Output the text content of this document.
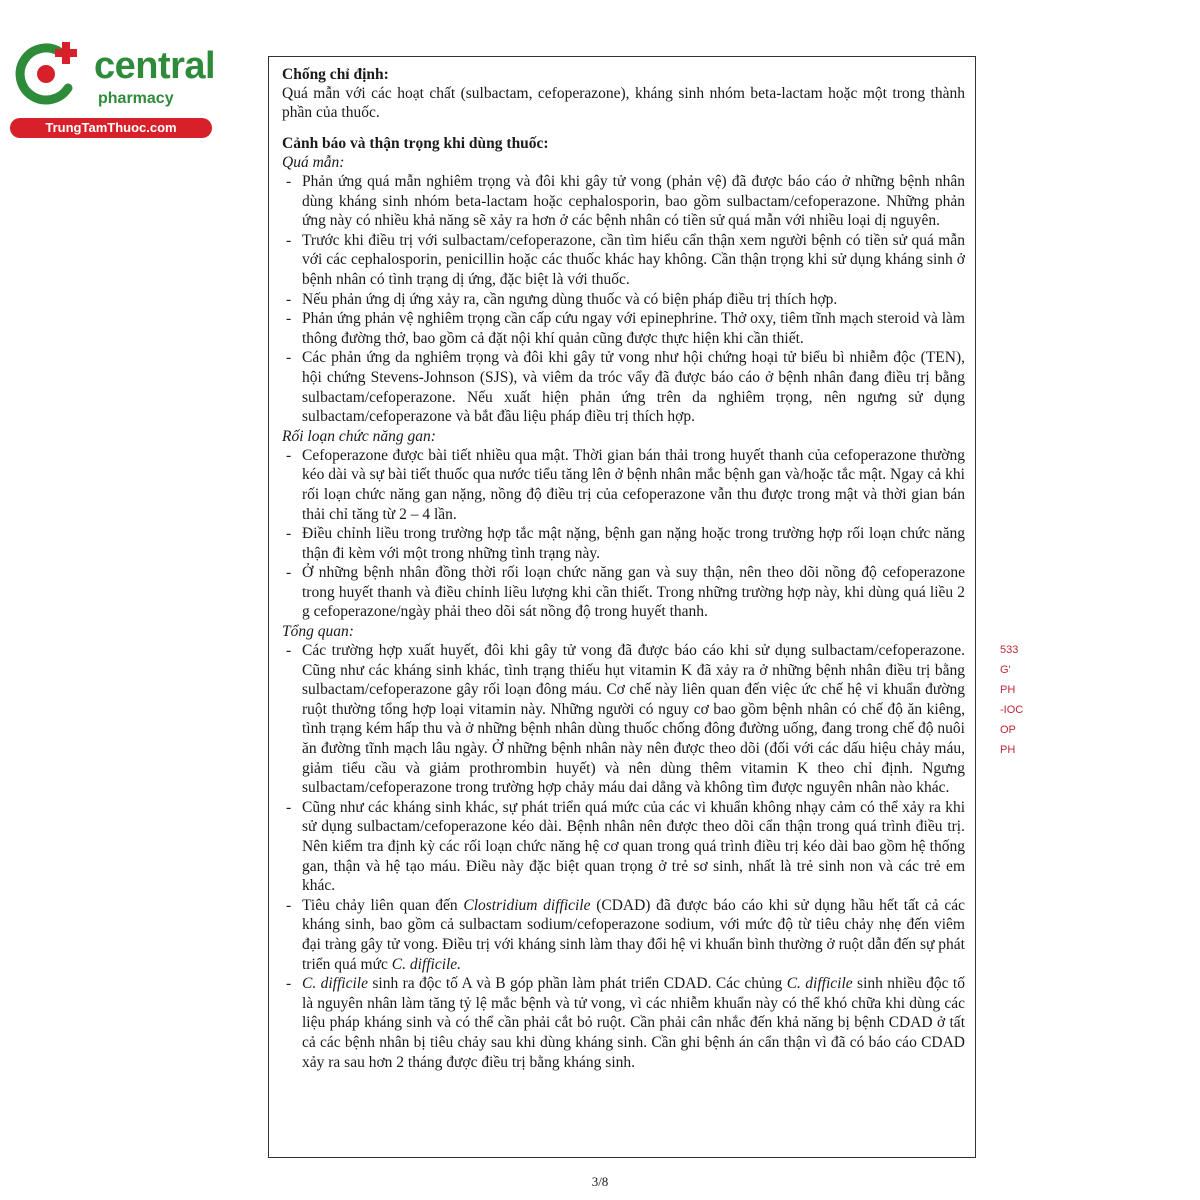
central
pharmacy
TrungTamThuoc.com

Chống chỉ định:

Quá mẫn với các hoạt chất (sulbactam, cefoperazone), kháng sinh nhóm beta-lactam hoặc một trong thành phần của thuốc.

Cảnh báo và thận trọng khi dùng thuốc:

Quá mẫn:

- Phản ứng quá mẫn nghiêm trọng và đôi khi gây tử vong (phản vệ) đã được báo cáo ở những bệnh nhân dùng kháng sinh nhóm beta-lactam hoặc cephalosporin, bao gồm sulbactam/cefoperazone. Những phản ứng này có nhiều khả năng sẽ xảy ra hơn ở các bệnh nhân có tiền sử quá mẫn với nhiều loại dị nguyên.
- Trước khi điều trị với sulbactam/cefoperazone, cần tìm hiểu cẩn thận xem người bệnh có tiền sử quá mẫn với các cephalosporin, penicillin hoặc các thuốc khác hay không. Cần thận trọng khi sử dụng kháng sinh ở bệnh nhân có tình trạng dị ứng, đặc biệt là với thuốc.
- Nếu phản ứng dị ứng xảy ra, cần ngưng dùng thuốc và có biện pháp điều trị thích hợp.
- Phản ứng phản vệ nghiêm trọng cần cấp cứu ngay với epinephrine. Thở oxy, tiêm tĩnh mạch steroid và làm thông đường thở, bao gồm cả đặt nội khí quản cũng được thực hiện khi cần thiết.
- Các phản ứng da nghiêm trọng và đôi khi gây tử vong như hội chứng hoại tử biểu bì nhiễm độc (TEN), hội chứng Stevens-Johnson (SJS), và viêm da tróc vẩy đã được báo cáo ở bệnh nhân đang điều trị bằng sulbactam/cefoperazone. Nếu xuất hiện phản ứng trên da nghiêm trọng, nên ngưng sử dụng sulbactam/cefoperazone và bắt đầu liệu pháp điều trị thích hợp.

Rối loạn chức năng gan:

- Cefoperazone được bài tiết nhiều qua mật. Thời gian bán thải trong huyết thanh của cefoperazone thường kéo dài và sự bài tiết thuốc qua nước tiểu tăng lên ở bệnh nhân mắc bệnh gan và/hoặc tắc mật. Ngay cả khi rối loạn chức năng gan nặng, nồng độ điều trị của cefoperazone vẫn thu được trong mật và thời gian bán thải chỉ tăng từ 2 – 4 lần.
- Điều chỉnh liều trong trường hợp tắc mật nặng, bệnh gan nặng hoặc trong trường hợp rối loạn chức năng thận đi kèm với một trong những tình trạng này.
- Ở những bệnh nhân đồng thời rối loạn chức năng gan và suy thận, nên theo dõi nồng độ cefoperazone trong huyết thanh và điều chỉnh liều lượng khi cần thiết. Trong những trường hợp này, khi dùng quá liều 2 g cefoperazone/ngày phải theo dõi sát nồng độ trong huyết thanh.

Tổng quan:

- Các trường hợp xuất huyết, đôi khi gây tử vong đã được báo cáo khi sử dụng sulbactam/cefoperazone. Cũng như các kháng sinh khác, tình trạng thiếu hụt vitamin K đã xảy ra ở những bệnh nhân điều trị bằng sulbactam/cefoperazone gây rối loạn đông máu. Cơ chế này liên quan đến việc ức chế hệ vi khuẩn đường ruột thường tổng hợp loại vitamin này. Những người có nguy cơ bao gồm bệnh nhân có chế độ ăn kiêng, tình trạng kém hấp thu và ở những bệnh nhân dùng thuốc chống đông đường uống, đang trong chế độ nuôi ăn đường tĩnh mạch lâu ngày. Ở những bệnh nhân này nên được theo dõi (đối với các dấu hiệu chảy máu, giảm tiểu cầu và giảm prothrombin huyết) và nên dùng thêm vitamin K theo chỉ định. Ngưng sulbactam/cefoperazone trong trường hợp chảy máu dai dẳng và không tìm được nguyên nhân nào khác.
- Cũng như các kháng sinh khác, sự phát triển quá mức của các vi khuẩn không nhạy cảm có thể xảy ra khi sử dụng sulbactam/cefoperazone kéo dài. Bệnh nhân nên được theo dõi cẩn thận trong quá trình điều trị. Nên kiểm tra định kỳ các rối loạn chức năng hệ cơ quan trong quá trình điều trị kéo dài bao gồm hệ thống gan, thận và hệ tạo máu. Điều này đặc biệt quan trọng ở trẻ sơ sinh, nhất là trẻ sinh non và các trẻ em khác.
- Tiêu chảy liên quan đến Clostridium difficile (CDAD) đã được báo cáo khi sử dụng hầu hết tất cả các kháng sinh, bao gồm cả sulbactam sodium/cefoperazone sodium, với mức độ từ tiêu chảy nhẹ đến viêm đại tràng gây tử vong. Điều trị với kháng sinh làm thay đổi hệ vi khuẩn bình thường ở ruột dẫn đến sự phát triển quá mức C. difficile.
- C. difficile sinh ra độc tố A và B góp phần làm phát triển CDAD. Các chủng C. difficile sinh nhiều độc tố là nguyên nhân làm tăng tỷ lệ mắc bệnh và tử vong, vì các nhiễm khuẩn này có thể khó chữa khi dùng các liệu pháp kháng sinh và có thể cần phải cắt bỏ ruột. Cần phải cân nhắc đến khả năng bị bệnh CDAD ở tất cả các bệnh nhân bị tiêu chảy sau khi dùng kháng sinh. Cần ghi bệnh án cẩn thận vì đã có báo cáo CDAD xảy ra sau hơn 2 tháng được điều trị bằng kháng sinh.
533
G'
PH
-IOC
OP
PH
3/8
